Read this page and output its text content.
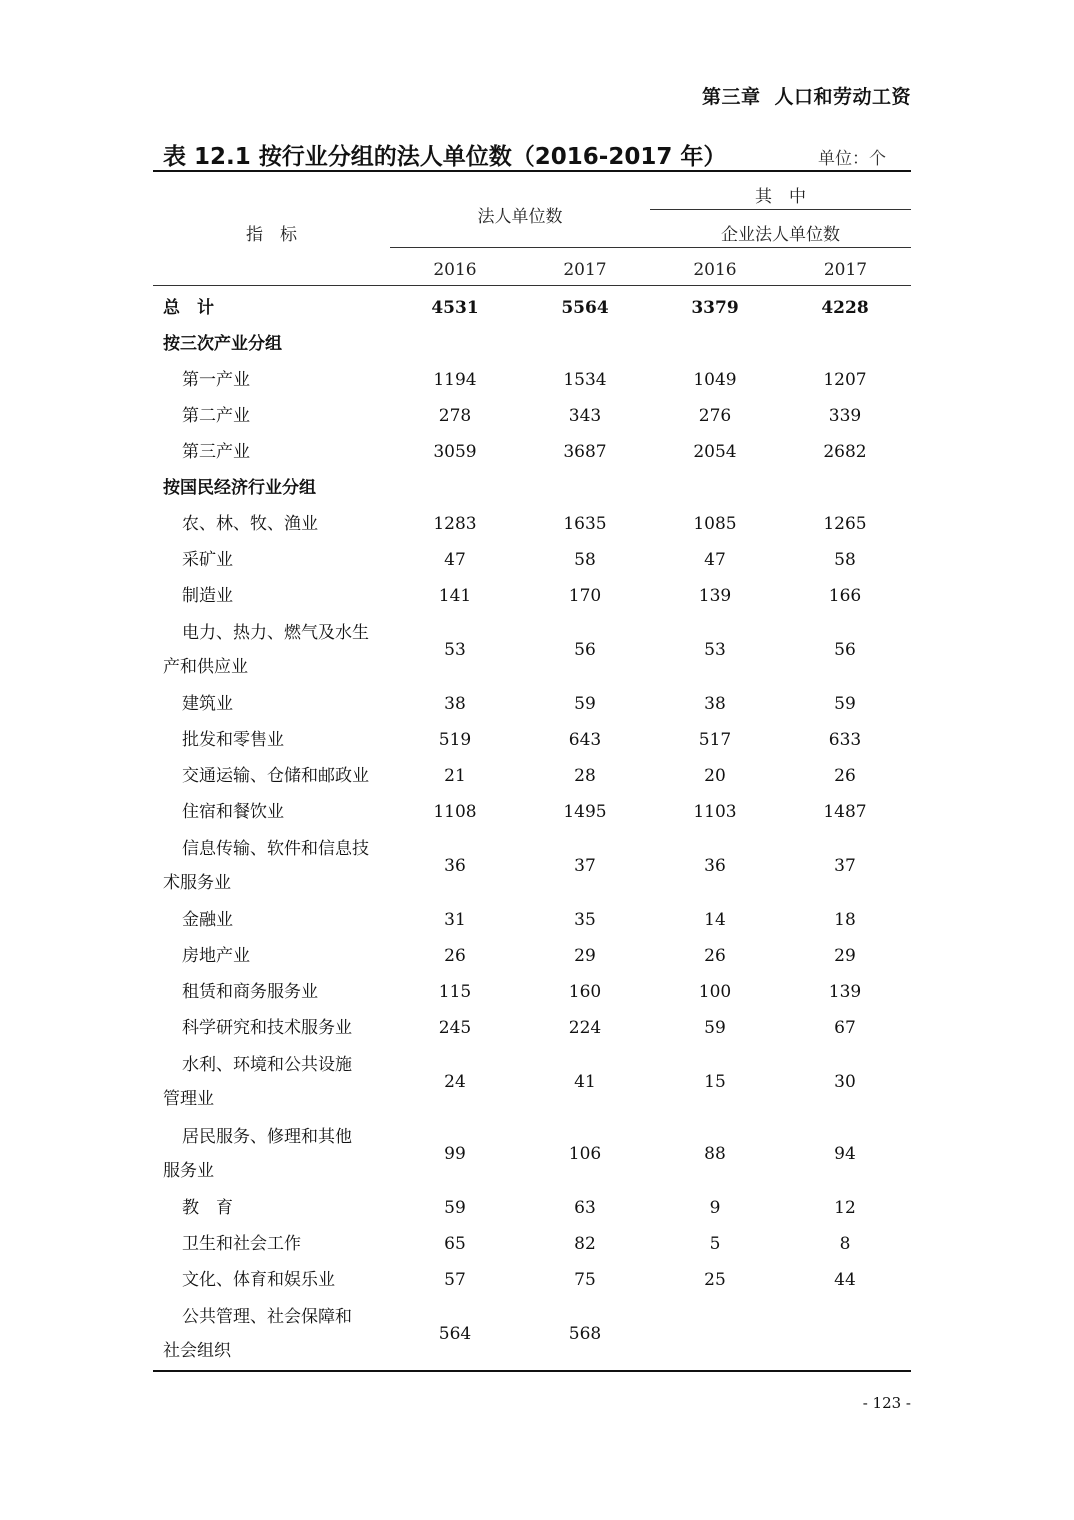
第三章 人口和劳动工资
表 12.1 按行业分组的法人单位数（2016-2017 年）	单位：个
指　标
法人单位数
其　中
企业法人单位数
2016	2017	2016	2017
总　计	4531	5564	3379	4228
按三次产业分组
第一产业	1194	1534	1049	1207
第二产业	278	343	276	339
第三产业	3059	3687	2054	2682
按国民经济行业分组
农、林、牧、渔业	1283	1635	1085	1265
采矿业	47	58	47	58
制造业	141	170	139	166
电力、热力、燃气及水生
产和供应业
53	56	53	56
建筑业	38	59	38	59
批发和零售业	519	643	517	633
交通运输、仓储和邮政业	21	28	20	26
住宿和餐饮业	1108	1495	1103	1487
信息传输、软件和信息技
术服务业
36	37	36	37
金融业	31	35	14	18
房地产业	26	29	26	29
租赁和商务服务业	115	160	100	139
科学研究和技术服务业	245	224	59	67
水利、环境和公共设施
管理业
24	41	15	30
居民服务、修理和其他
服务业
99	106	88	94
教　育	59	63	9	12
卫生和社会工作	65	82	5	8
文化、体育和娱乐业	57	75	25	44
公共管理、社会保障和
社会组织
564	568
- 123 -
